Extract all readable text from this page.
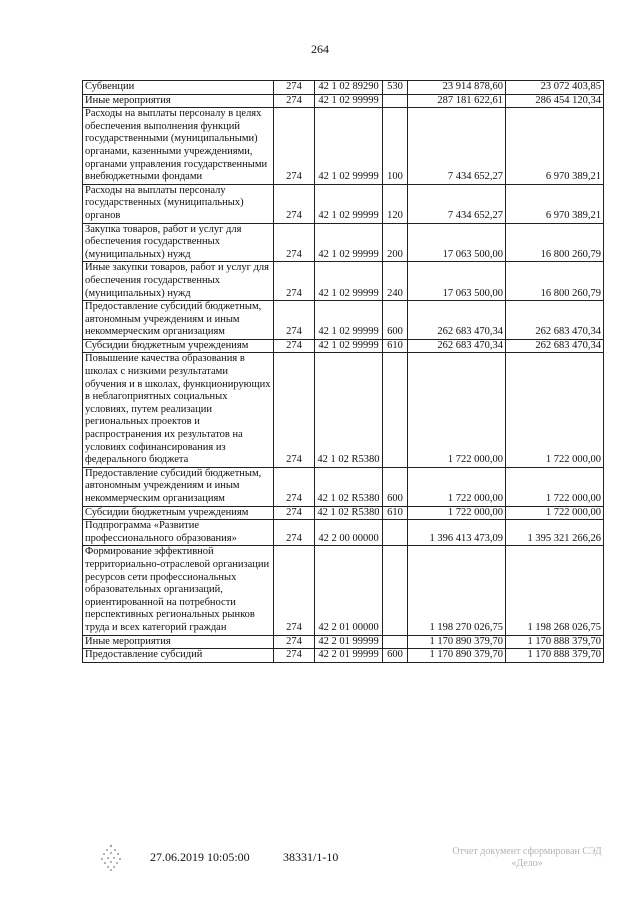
264
Субвенции	274	42 1 02 89290	530	23 914 878,60	23 072 403,85
Иные мероприятия	274	42 1 02 99999		287 181 622,61	286 454 120,34
Расходы на выплаты персоналу в целях обеспечения выполнения функций государственными (муниципальными) органами, казенными учреждениями, органами управления государственными внебюджетными фондами	274	42 1 02 99999	100	7 434 652,27	6 970 389,21
Расходы на выплаты персоналу государственных (муниципальных) органов	274	42 1 02 99999	120	7 434 652,27	6 970 389,21
Закупка товаров, работ и услуг для обеспечения государственных (муниципальных) нужд	274	42 1 02 99999	200	17 063 500,00	16 800 260,79
Иные закупки товаров, работ и услуг для обеспечения государственных (муниципальных) нужд	274	42 1 02 99999	240	17 063 500,00	16 800 260,79
Предоставление субсидий бюджетным, автономным учреждениям и иным некоммерческим организациям	274	42 1 02 99999	600	262 683 470,34	262 683 470,34
Субсидии бюджетным учреждениям	274	42 1 02 99999	610	262 683 470,34	262 683 470,34
Повышение качества образования в школах с низкими результатами обучения и в школах, функционирующих в неблагоприятных социальных условиях, путем реализации региональных проектов и распространения их результатов на условиях софинансирования из федерального бюджета	274	42 1 02 R5380		1 722 000,00	1 722 000,00
Предоставление субсидий бюджетным, автономным учреждениям и иным некоммерческим организациям	274	42 1 02 R5380	600	1 722 000,00	1 722 000,00
Субсидии бюджетным учреждениям	274	42 1 02 R5380	610	1 722 000,00	1 722 000,00
Подпрограмма «Развитие профессионального образования»	274	42 2 00 00000		1 396 413 473,09	1 395 321 266,26
Формирование эффективной территориально-отраслевой организации ресурсов сети профессиональных образовательных организаций, ориентированной на потребности перспективных региональных рынков труда и всех категорий граждан	274	42 2 01 00000		1 198 270 026,75	1 198 268 026,75
Иные мероприятия	274	42 2 01 99999		1 170 890 379,70	1 170 888 379,70
Предоставление субсидий	274	42 2 01 99999	600	1 170 890 379,70	1 170 888 379,70
27.06.2019 10:05:00	38331/1-10	Отчет документ сформирован СЭД «Дело»
